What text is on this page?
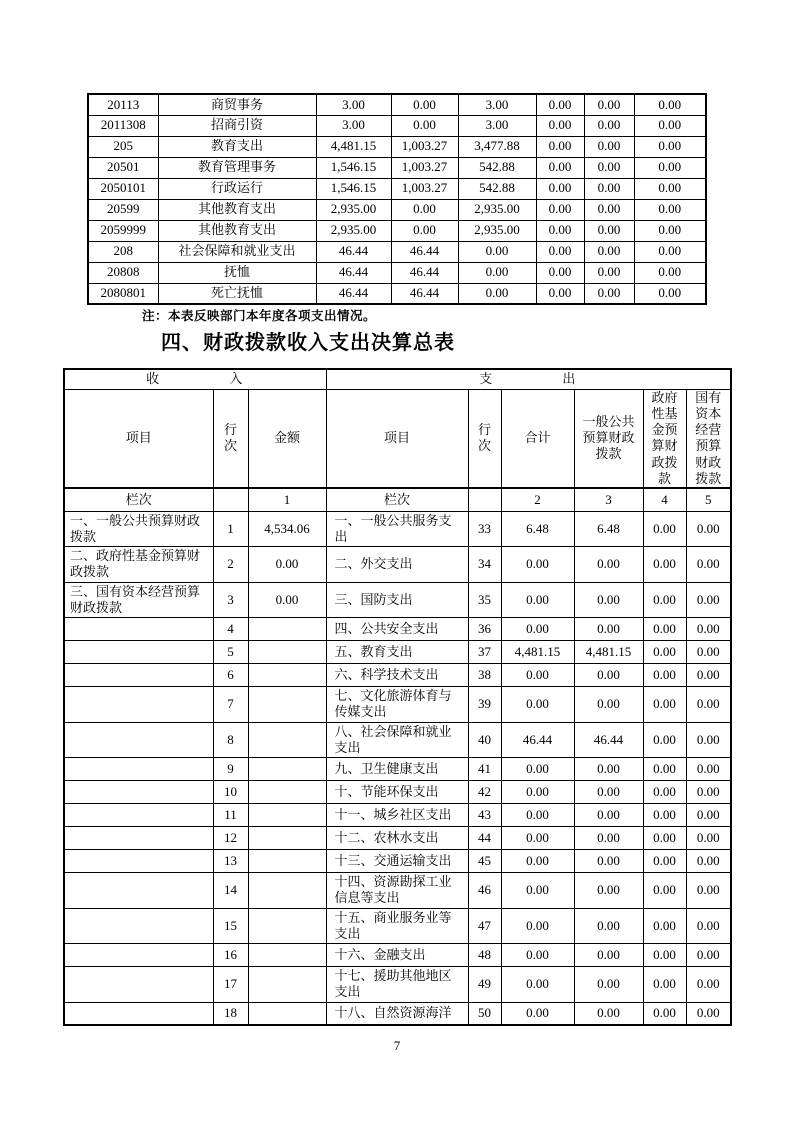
20113	商贸事务	3.00	0.00	3.00	0.00	0.00	0.00
2011308	招商引资	3.00	0.00	3.00	0.00	0.00	0.00
205	教育支出	4,481.15	1,003.27	3,477.88	0.00	0.00	0.00
20501	教育管理事务	1,546.15	1,003.27	542.88	0.00	0.00	0.00
2050101	行政运行	1,546.15	1,003.27	542.88	0.00	0.00	0.00
20599	其他教育支出	2,935.00	0.00	2,935.00	0.00	0.00	0.00
2059999	其他教育支出	2,935.00	0.00	2,935.00	0.00	0.00	0.00
208	社会保障和就业支出	46.44	46.44	0.00	0.00	0.00	0.00
20808	抚恤	46.44	46.44	0.00	0.00	0.00	0.00
2080801	死亡抚恤	46.44	46.44	0.00	0.00	0.00	0.00
注：本表反映部门本年度各项支出情况。
四、财政拨款收入支出决算总表
收　入			支　出					
项目	行次	金额	项目	行次	合计	一般公共预算财政拨款	政府性基金预算财政拨款	国有资本经营预算财政拨款
栏次		1	栏次		2	3	4	5
一、一般公共预算财政拨款	1	4,534.06	一、一般公共服务支出	33	6.48	6.48	0.00	0.00
二、政府性基金预算财政拨款	2	0.00	二、外交支出	34	0.00	0.00	0.00	0.00
三、国有资本经营预算财政拨款	3	0.00	三、国防支出	35	0.00	0.00	0.00	0.00
	4		四、公共安全支出	36	0.00	0.00	0.00	0.00
	5		五、教育支出	37	4,481.15	4,481.15	0.00	0.00
	6		六、科学技术支出	38	0.00	0.00	0.00	0.00
	7		七、文化旅游体育与传媒支出	39	0.00	0.00	0.00	0.00
	8		八、社会保障和就业支出	40	46.44	46.44	0.00	0.00
	9		九、卫生健康支出	41	0.00	0.00	0.00	0.00
	10		十、节能环保支出	42	0.00	0.00	0.00	0.00
	11		十一、城乡社区支出	43	0.00	0.00	0.00	0.00
	12		十二、农林水支出	44	0.00	0.00	0.00	0.00
	13		十三、交通运输支出	45	0.00	0.00	0.00	0.00
	14		十四、资源勘探工业信息等支出	46	0.00	0.00	0.00	0.00
	15		十五、商业服务业等支出	47	0.00	0.00	0.00	0.00
	16		十六、金融支出	48	0.00	0.00	0.00	0.00
	17		十七、援助其他地区支出	49	0.00	0.00	0.00	0.00
	18		十八、自然资源海洋	50	0.00	0.00	0.00	0.00
7
